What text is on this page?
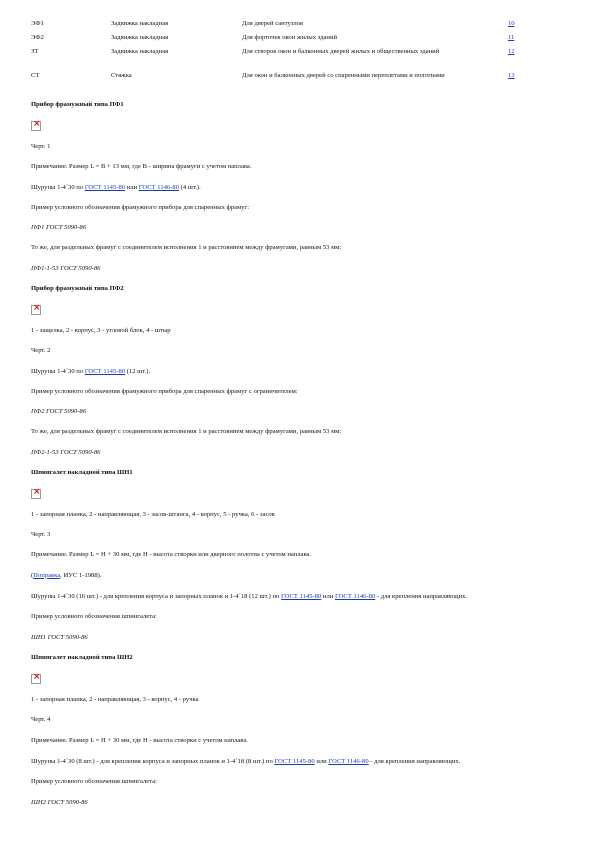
ЭФ1	Задвижка накладная	Для дверей сантузлов	10
ЭФ2	Задвижка накладная	Для форточек окон жилых зданий	11
ЗТ	Задвижка накладная	Для створок окон и балконных дверей жилых и общественных зданий	12
СТ	Стяжка	Для окон и балконных дверей со спаренными переплетами и полотнами	13

Прибор фрамужный типа ПФ1

×

Черт. 1

Примечание. Размер L = B + 13 мм, где B - ширина фрамуги с учетом наплава.

Шурупы 1-4´30 по ГОСТ 1145-80 или ГОСТ 1146-80 (4 шт.).

Пример условного обозначения фрамужного прибора для спаренных фрамуг:

ПФ1 ГОСТ 5090-86

То же, для раздельных фрамуг с соединителем исполнения 1 и расстоянием между фрамугами, равным 53 мм:

ПФ1-1-53 ГОСТ 5090-86

Прибор фрамужный типа ПФ2

×

1 - защелка, 2 - корпус, 3 - угловой блок, 4 - штыр

Черт. 2

Шурупы 1-4´30 по ГОСТ 1145-80 (12 шт.).

Пример условного обозначения фрамужного прибора для спаренных фрамуг с ограничителем:

ПФ2 ГОСТ 5090-86

То же, для раздельных фрамуг с соединителем исполнения 1 и расстоянием между фрамугами, равным 53 мм:

ПФ2-1-53 ГОСТ 5090-86

Шпингалет накладной типа ШН1

×

1 - запорная планка, 2 - направляющая, 3 - засов-штанга, 4 - корпус, 5 - ручка, 6 - засов

Черт. 3

Примечание. Размер L = H + 30 мм, где H - высота створки или дверного полотна с учетом наплава.

(Поправка, ИУС 1-1988).

Шурупы 1-4´30 (16 шт.) - для крепления корпуса и запорных планок и 1-4´18 (12 шт.) по ГОСТ 1145-80 или ГОСТ 1146-80 - для крепления направляющих.

Пример условного обозначения шпингалета:

ШН1 ГОСТ 5090-86

Шпингалет накладной типа ШН2

×

1 - запорная планка, 2 - направляющая, 3 - корпус, 4 - ручка

Черт. 4

Примечание. Размер L = H + 30 мм, где H - высота створки с учетом наплава.

Шурупы 1-4´30 (8 шт.) - для крепления корпуса и запорных планок и 1-4´18 (8 шт.) по ГОСТ 1145-80 или ГОСТ 1146-80 - для крепления направляющих.

Пример условного обозначения шпингалета:

ШН2 ГОСТ 5090-86
